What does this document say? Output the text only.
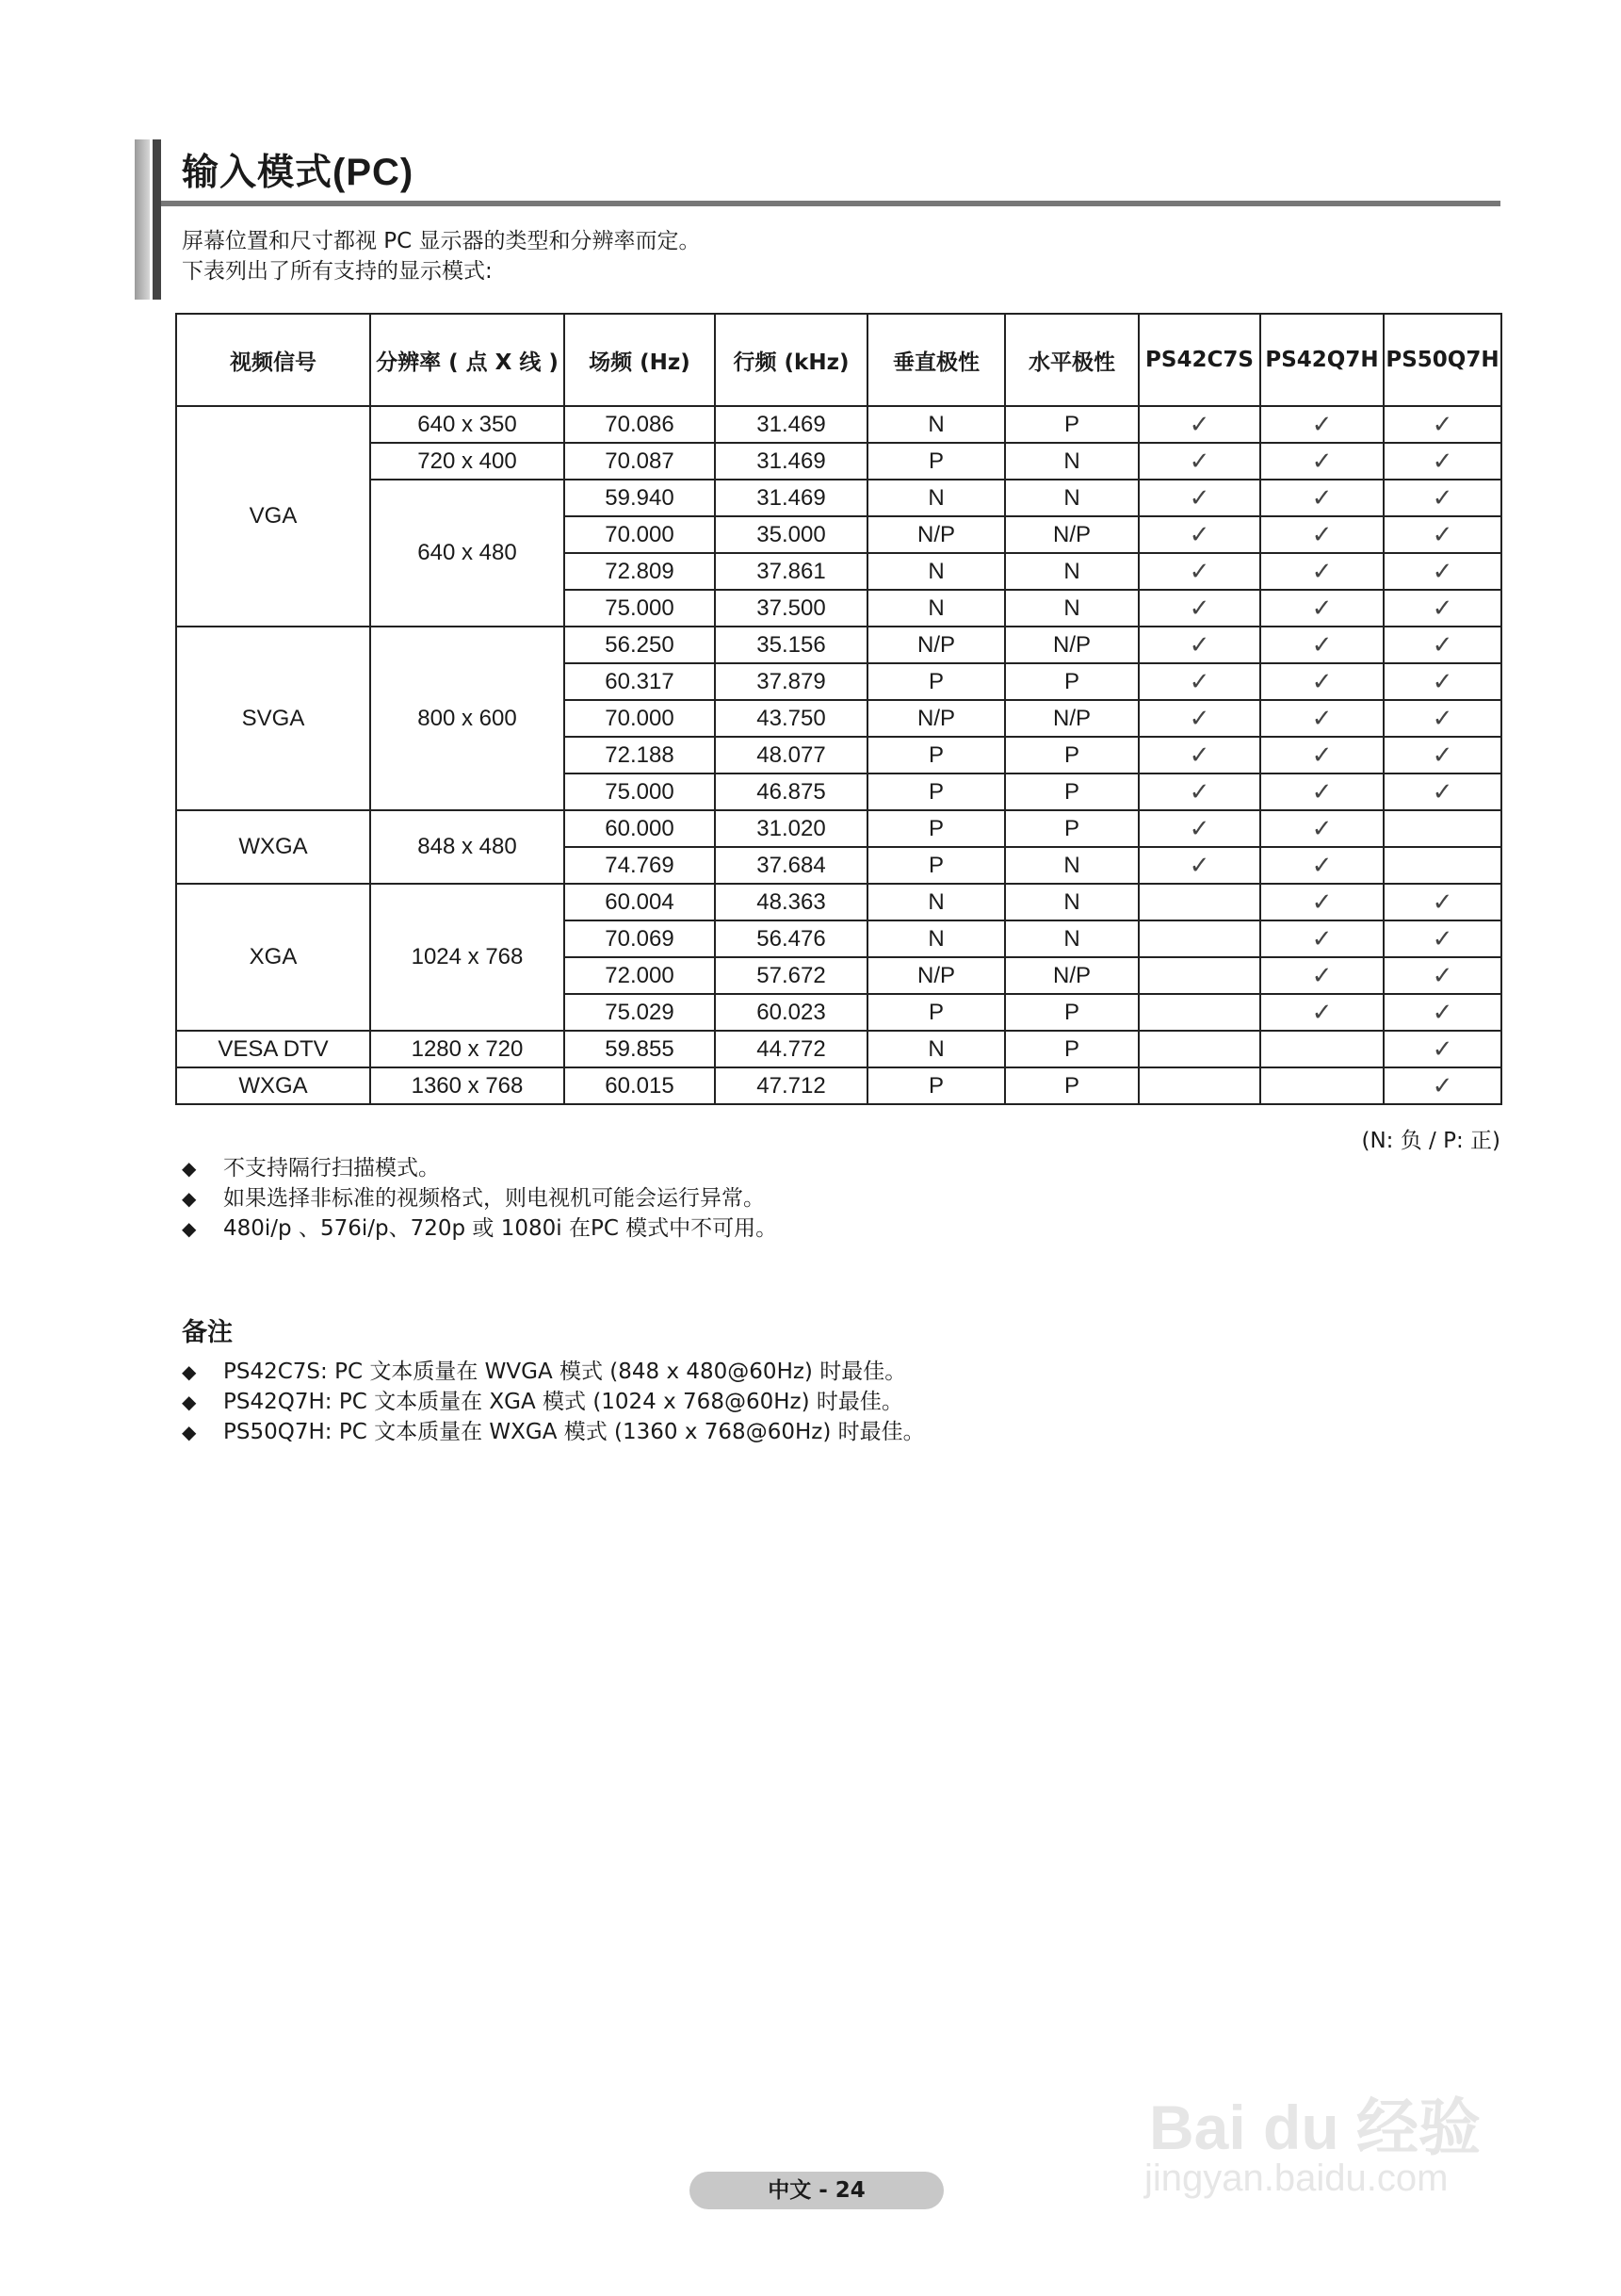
输入模式(PC)
屏幕位置和尺寸都视 PC 显示器的类型和分辨率而定。
下表列出了所有支持的显示模式:
视频信号	分辨率 ( 点 X 线 )	场频 (Hz)	行频 (kHz)	垂直极性	水平极性	PS42C7S	PS42Q7H	PS50Q7H
VGA	640 x 350	70.086	31.469	N	P	✓	✓	✓
	720 x 400	70.087	31.469	P	N	✓	✓	✓
	640 x 480	59.940	31.469	N	N	✓	✓	✓
		70.000	35.000	N/P	N/P	✓	✓	✓
		72.809	37.861	N	N	✓	✓	✓
		75.000	37.500	N	N	✓	✓	✓
SVGA	800 x 600	56.250	35.156	N/P	N/P	✓	✓	✓
		60.317	37.879	P	P	✓	✓	✓
		70.000	43.750	N/P	N/P	✓	✓	✓
		72.188	48.077	P	P	✓	✓	✓
		75.000	46.875	P	P	✓	✓	✓
WXGA	848 x 480	60.000	31.020	P	P	✓	✓	
		74.769	37.684	P	N	✓	✓	
XGA	1024 x 768	60.004	48.363	N	N		✓	✓
		70.069	56.476	N	N		✓	✓
		72.000	57.672	N/P	N/P		✓	✓
		75.029	60.023	P	P		✓	✓
VESA DTV	1280 x 720	59.855	44.772	N	P			✓
WXGA	1360 x 768	60.015	47.712	P	P			✓
(N: 负 / P: 正)
◆ 不支持隔行扫描模式。
◆ 如果选择非标准的视频格式，则电视机可能会运行异常。
◆ 480i/p 、576i/p、720p 或 1080i 在PC 模式中不可用。
备注
◆ PS42C7S: PC 文本质量在 WVGA 模式 (848 x 480@60Hz) 时最佳。
◆ PS42Q7H: PC 文本质量在 XGA 模式 (1024 x 768@60Hz) 时最佳。
◆ PS50Q7H: PC 文本质量在 WXGA 模式 (1360 x 768@60Hz) 时最佳。
中文 - 24
Bai du 经验
jingyan.baidu.com
